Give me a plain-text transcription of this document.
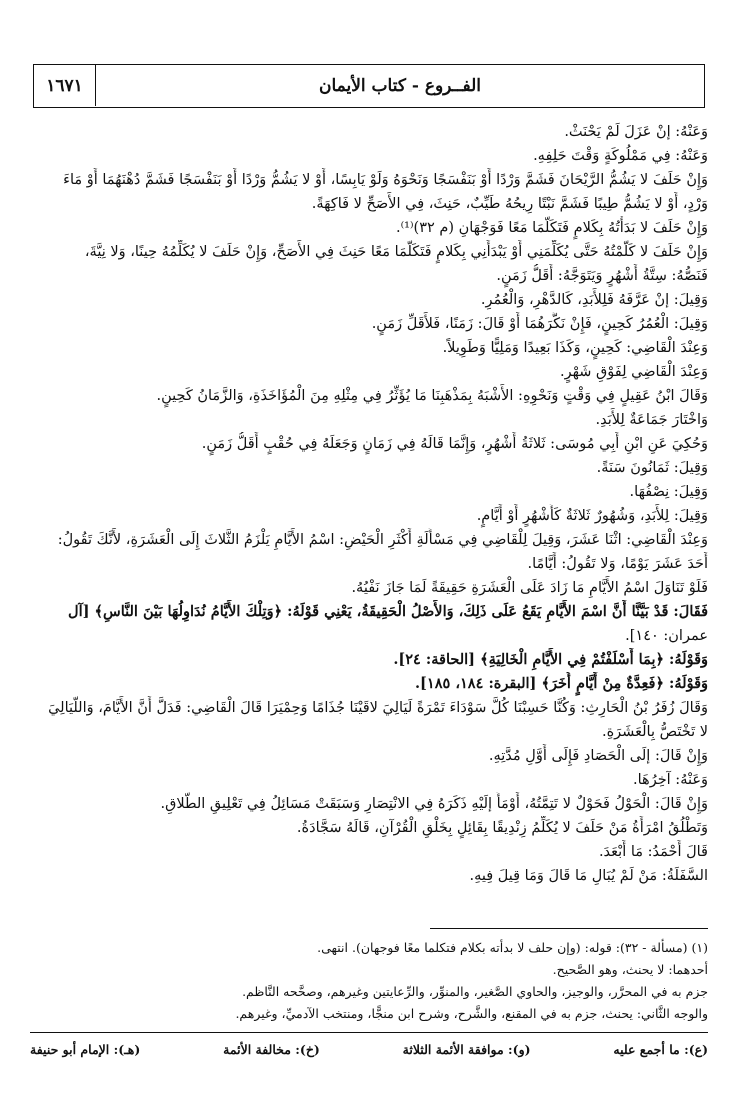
١٦٧١	الفــروع - كتاب الأيمان
وَعَنْهُ: إنْ عَزَلَ لَمْ يَحْنَثْ.
وَعَنْهُ: فِي مَمْلُوكَةٍ وَقْتَ حَلِفِهِ.
وَإِنْ حَلَفَ لا يَشُمُّ الرَّيْحَانَ فَشَمَّ وَرْدًا أَوْ بَنَفْسَجًا وَنَحْوَهُ وَلَوْ يَابِسًا، أَوْ لا يَشُمُّ وَرْدًا أَوْ بَنَفْسَجًا فَشَمَّ دُهْنَهُمَا أَوْ مَاءَ
وَرْدٍ، أَوْ لا يَشُمُّ طِيبًا فَشَمَّ نَبْتًا رِيحُهُ طَيِّبٌ، حَنِثَ، فِي الأَصَحِّ لا فَاكِهَةً.
وَإِنْ حَلَفَ لا بَدَأْتُهُ بِكَلامٍ فَتَكَلَّمَا مَعًا فَوَجْهَانِ (م ٣٢)⁽¹⁾.
وَإِنْ حَلَفَ لا كَلَّمْتُهُ حَتَّى يُكَلِّمَنِي أَوْ يَبْدَأَنِي بِكَلامٍ فَتَكَلَّمَا مَعًا حَنِثَ فِي الأَصَحِّ، وَإِنْ حَلَفَ لا يُكَلِّمُهُ حِينًا، وَلا نِيَّةَ،
فَنَصُّهُ: سِتَّةُ أَشْهُرٍ وَيَتَوَجَّهُ: أَقَلُّ زَمَنٍ.
وَقِيلَ: إنْ عَرَّفَهُ فَلِلأَبَدِ، كَالدَّهْرِ، وَالْعُمُرِ.
وَقِيلَ: الْعُمُرُ كَحِينٍ، فَإِنْ نَكَّرَهُمَا أَوْ قَالَ: زَمَنًا، فَلأَقَلِّ زَمَنٍ.
وَعِنْدَ الْقَاضِي: كَحِينٍ، وَكَذَا بَعِيدًا وَمَلِيًّا وَطَوِيلاً.
وَعِنْدَ الْقَاضِي لِفَوْقِ شَهْرٍ.
وَقَالَ ابْنُ عَقِيلٍ فِي وَقْتٍ وَنَحْوِهِ: الأَشْبَهُ بِمَذْهَبِنَا مَا يُؤَثِّرُ فِي مِثْلِهِ مِنَ الْمُؤَاخَذَةِ، وَالزَّمَانُ كَحِينٍ.
وَاخْتَارَ جَمَاعَةٌ لِلأَبَدِ.
وَحُكِيَ عَنِ ابْنِ أَبِي مُوسَى: ثَلاثَةُ أَشْهُرٍ، وَإِنَّمَا قَالَهُ فِي زَمَانٍ وَجَعَلَهُ فِي حُقْبٍ أَقَلُّ زَمَنٍ.
وَقِيلَ: ثَمَانُونَ سَنَةً.
وَقِيلَ: نِصْفُهَا.
وَقِيلَ: لِلأَبَدِ، وَشُهُورٌ ثَلاثَةٌ كَأَشْهُرٍ أَوْ أَيَّامٍ.
وَعِنْدَ الْقَاضِي: اثْنَا عَشَرَ، وَقِيلَ لِلْقَاضِي فِي مَسْأَلَةِ أَكْثَرِ الْحَيْضِ: اسْمُ الأَيَّامِ يَلْزَمُ الثَّلاثَ إِلَى الْعَشَرَةِ، لأَنَّكَ تَقُولُ:
أَحَدَ عَشَرَ يَوْمًا، وَلا تَقُولُ: أَيَّامًا.
فَلَوْ تَنَاوَلَ اسْمُ الأَيَّامِ مَا زَادَ عَلَى الْعَشَرَةِ حَقِيقَةً لَمَا جَازَ نَفْيُهُ.
فَقَالَ: قَدْ بَيَّنَّا أَنَّ اسْمَ الأَيَّامِ يَقَعُ عَلَى ذَلِكَ، وَالأَصْلُ الْحَقِيقَةُ، يَعْنِي قَوْلَهُ: ﴿وَتِلْكَ الأَيَّامُ نُدَاوِلُهَا بَيْنَ النَّاسِ﴾ [آل
عمران: ١٤٠].
وَقَوْلَهُ: ﴿بِمَا أَسْلَفْتُمْ فِي الأَيَّامِ الْخَالِيَةِ﴾ [الحاقة: ٢٤].
وَقَوْلَهُ: ﴿فَعِدَّةٌ مِنْ أَيَّامٍ أُخَرَ﴾ [البقرة: ١٨٤، ١٨٥].
وَقَالَ زُفَرُ بْنُ الْحَارِثِ: وَكُنَّا حَسِبْنَا كُلَّ سَوْدَاءَ تَمْرَةً لَيَالِيَ لاقَيْنَا جُذَامًا وَحِمْيَرَا قَالَ الْقَاضِي: فَدَلَّ أَنَّ الأَيَّامَ، وَاللَّيَالِيَ
لا تَخْتَصُّ بِالْعَشَرَةِ.
وَإِنْ قَالَ: إلَى الْحَصَادِ فَإِلَى أَوَّلِ مُدَّتِهِ.
وَعَنْهُ: آخِرُهَا.
وَإِنْ قَالَ: الْحَوْلُ فَحَوْلٌ لا تَتِمَّتُهُ، أَوْمَأَ إلَيْهِ ذَكَرَهُ فِي الانْتِصَارِ وَسَبَقَتْ مَسَائِلُ فِي تَعْلِيقِ الطَّلاقِ.
وَتَطْلُقُ امْرَأَةُ مَنْ حَلَفَ لا يُكَلِّمُ زِنْدِيقًا بِقَائِلٍ بِخَلْقِ الْقُرْآنِ، قَالَهُ سَجَّادَةُ.
قَالَ أَحْمَدُ: مَا أَبْعَدَ.
السَّفَلَةُ: مَنْ لَمْ يُبَالِ مَا قَالَ وَمَا قِيلَ فِيهِ.
(١) (مسألة - ٣٢): قوله: (وإن حلف لا بدأته بكلام فتكلما معًا فوجهان). انتهى.
أحدهما: لا يحنث، وهو الصَّحيح.
جزم به في المحرَّر، والوجيز، والحاوي الصَّغير، والمنوِّر، والرِّعايتين وغيرهم، وصحَّحه النَّاظم.
والوجه الثَّاني: يحنث، جزم به في المقنع، والشَّرح، وشرح ابن منجًّا، ومنتخب الآدميِّ، وغيرهم.
(ع): ما أجمع عليه
(و): موافقة الأئمة الثلاثة
(خ): مخالفة الأئمة
(هـ): الإمام أبو حنيفة
